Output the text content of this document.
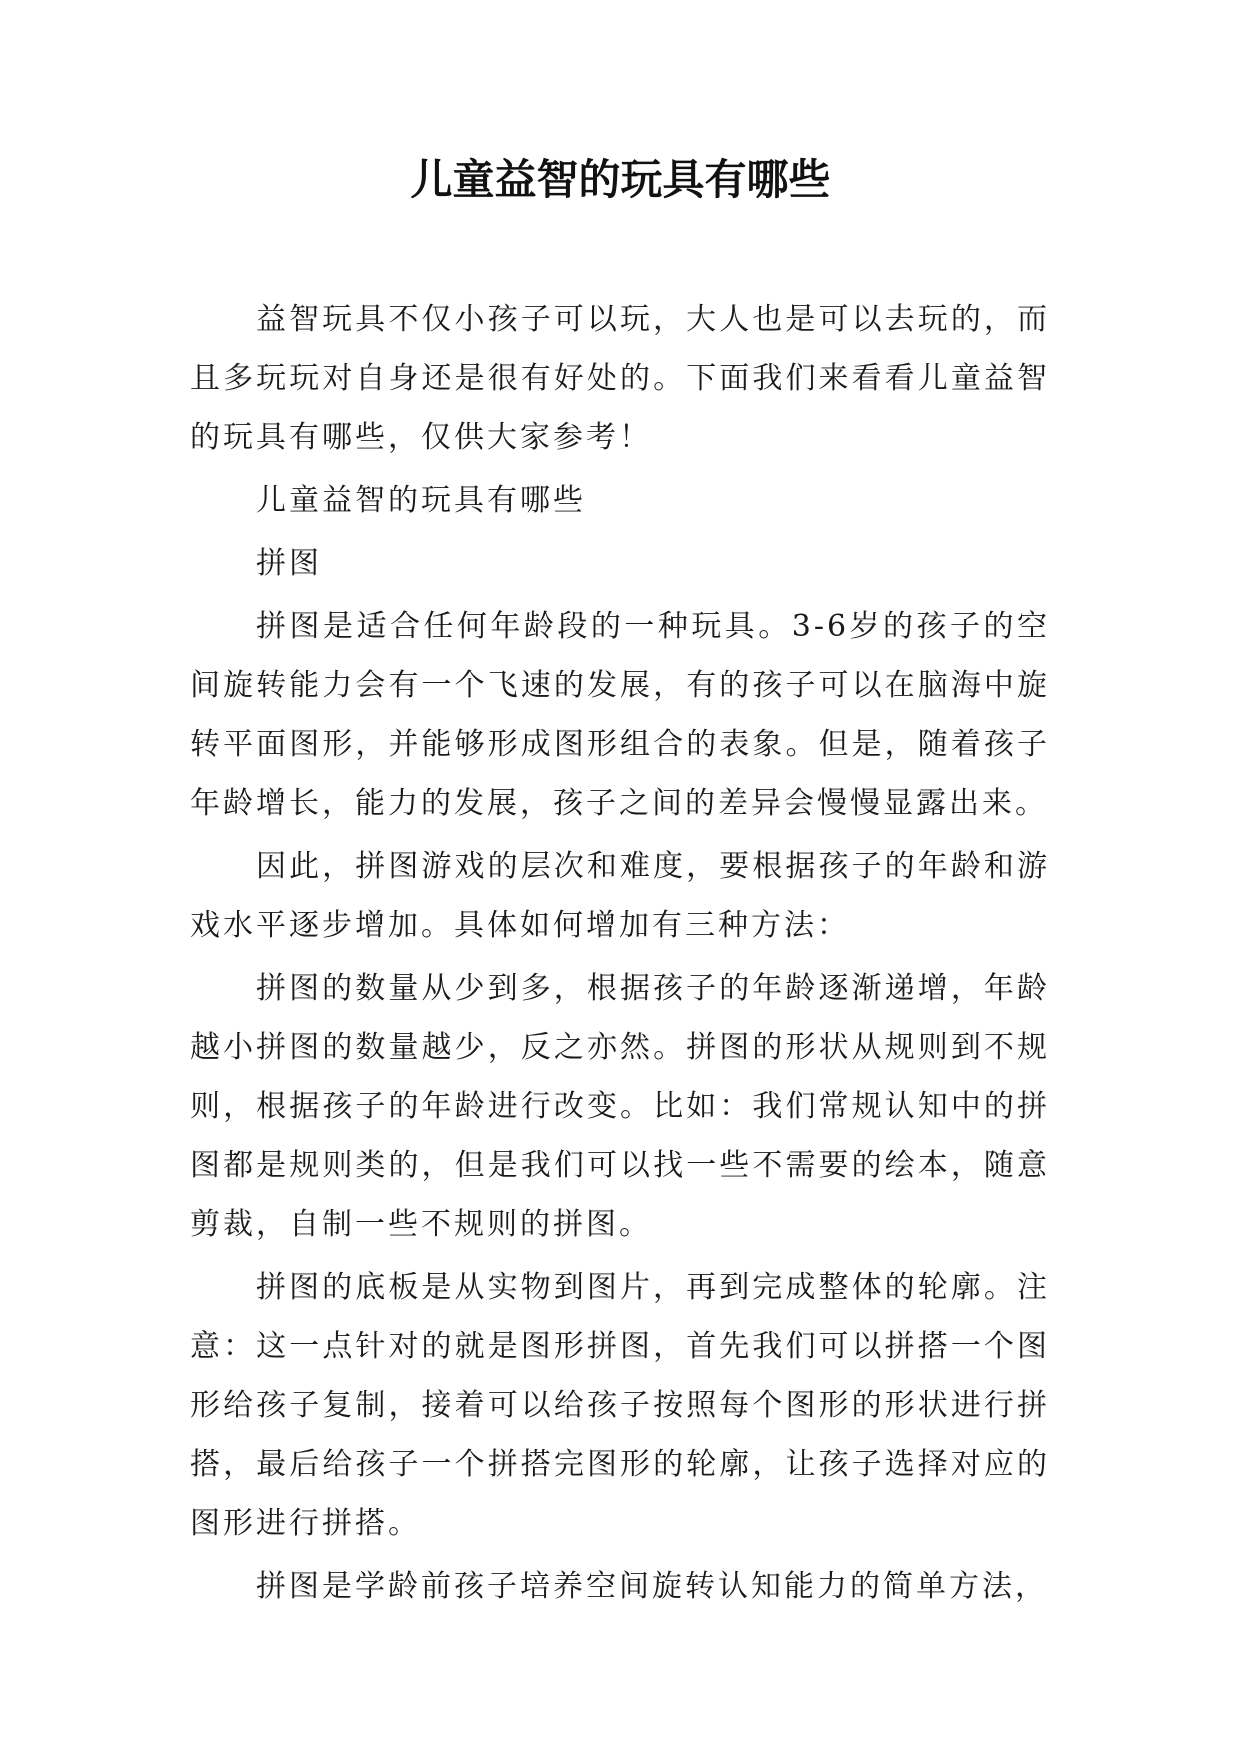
儿童益智的玩具有哪些

益智玩具不仅小孩子可以玩，大人也是可以去玩的，而且多玩玩对自身还是很有好处的。下面我们来看看儿童益智的玩具有哪些，仅供大家参考！

儿童益智的玩具有哪些

拼图

拼图是适合任何年龄段的一种玩具。3-6岁的孩子的空间旋转能力会有一个飞速的发展，有的孩子可以在脑海中旋转平面图形，并能够形成图形组合的表象。但是，随着孩子年龄增长，能力的发展，孩子之间的差异会慢慢显露出来。

因此，拼图游戏的层次和难度，要根据孩子的年龄和游戏水平逐步增加。具体如何增加有三种方法：

拼图的数量从少到多，根据孩子的年龄逐渐递增，年龄越小拼图的数量越少，反之亦然。拼图的形状从规则到不规则，根据孩子的年龄进行改变。比如：我们常规认知中的拼图都是规则类的，但是我们可以找一些不需要的绘本，随意剪裁，自制一些不规则的拼图。

拼图的底板是从实物到图片，再到完成整体的轮廓。注意：这一点针对的就是图形拼图，首先我们可以拼搭一个图形给孩子复制，接着可以给孩子按照每个图形的形状进行拼搭，最后给孩子一个拼搭完图形的轮廓，让孩子选择对应的图形进行拼搭。

拼图是学龄前孩子培养空间旋转认知能力的简单方法，
